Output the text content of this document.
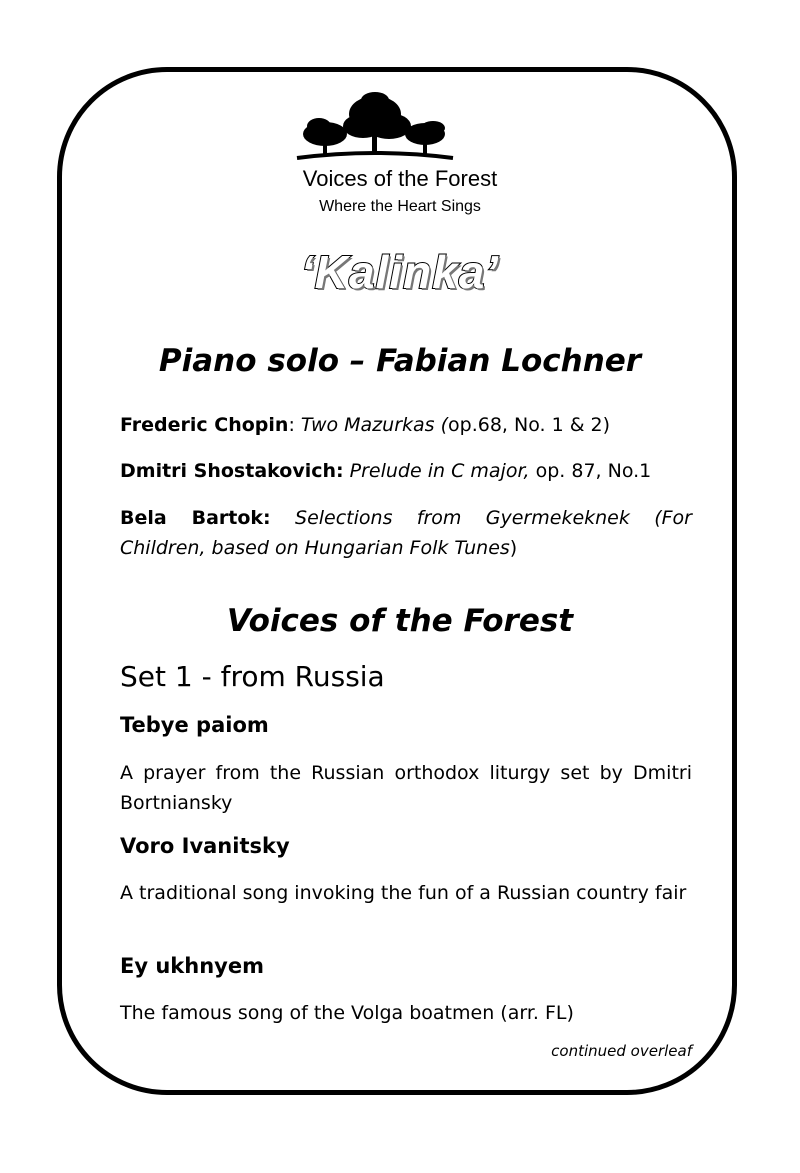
Voices of the Forest
Where the Heart Sings
‘Kalinka’
Piano solo – Fabian Lochner
Frederic Chopin: Two Mazurkas (op.68, No. 1 & 2)
Dmitri Shostakovich: Prelude in C major, op. 87, No.1
Bela Bartok: Selections from Gyermekeknek (For Children, based on Hungarian Folk Tunes)
Voices of the Forest
Set 1 - from Russia
Tebye paiom
A prayer from the Russian orthodox liturgy set by Dmitri Bortniansky
Voro Ivanitsky
A traditional song invoking the fun of a Russian country fair
Ey ukhnyem
The famous song of the Volga boatmen (arr. FL)
continued overleaf
